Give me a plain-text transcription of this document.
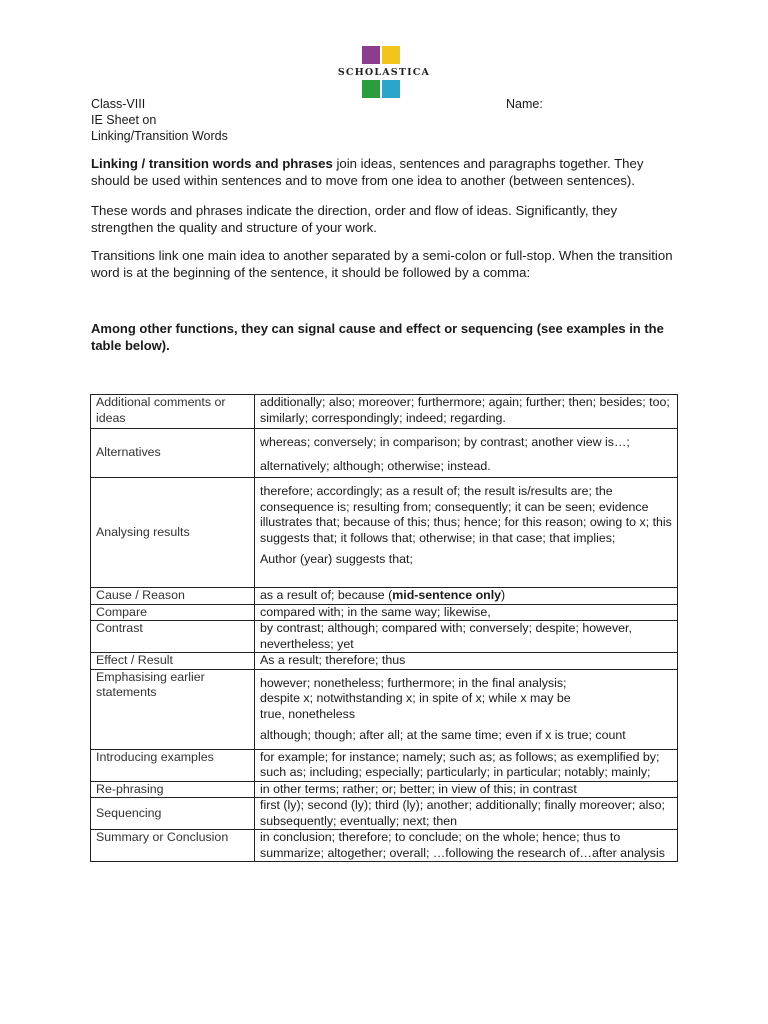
SCHOLASTICA
Class-VIII
IE Sheet on
Linking/Transition Words
Name:

Linking / transition words and phrases join ideas, sentences and paragraphs together. They should be used within sentences and to move from one idea to another (between sentences).

These words and phrases indicate the direction, order and flow of ideas. Significantly, they strengthen the quality and structure of your work.

Transitions link one main idea to another separated by a semi-colon or full-stop. When the transition word is at the beginning of the sentence, it should be followed by a comma:

Among other functions, they can signal cause and effect or sequencing (see examples in the table below).

Additional comments or ideas	additionally; also; moreover; furthermore; again; further; then; besides; too; similarly; correspondingly; indeed; regarding.
Alternatives	whereas; conversely; in comparison; by contrast; another view is…;
alternatively; although; otherwise; instead.

Analysing results	therefore; accordingly; as a result of; the result is/results are; the consequence is; resulting from; consequently; it can be seen; evidence illustrates that; because of this; thus; hence; for this reason; owing to x; this suggests that; it follows that; otherwise; in that case; that implies;
Author (year) suggests that;

Cause / Reason	as a result of; because (mid-sentence only)
Compare	compared with; in the same way; likewise,
Contrast	by contrast; although; compared with; conversely; despite; however, nevertheless; yet
Effect / Result	As a result; therefore; thus
Emphasising earlier statements	however; nonetheless; furthermore; in the final analysis;
despite x; notwithstanding x; in spite of x; while x may be
true, nonetheless
although; though; after all; at the same time; even if x is true; count

Introducing examples	for example; for instance; namely; such as; as follows; as exemplified by; such as; including; especially; particularly; in particular; notably; mainly;
Re-phrasing	in other terms; rather; or; better; in view of this; in contrast
Sequencing	first (ly); second (ly); third (ly); another; additionally; finally moreover; also; subsequently; eventually; next; then
Summary or Conclusion	in conclusion; therefore; to conclude; on the whole; hence; thus to summarize; altogether; overall; …following the research of…after analysis
